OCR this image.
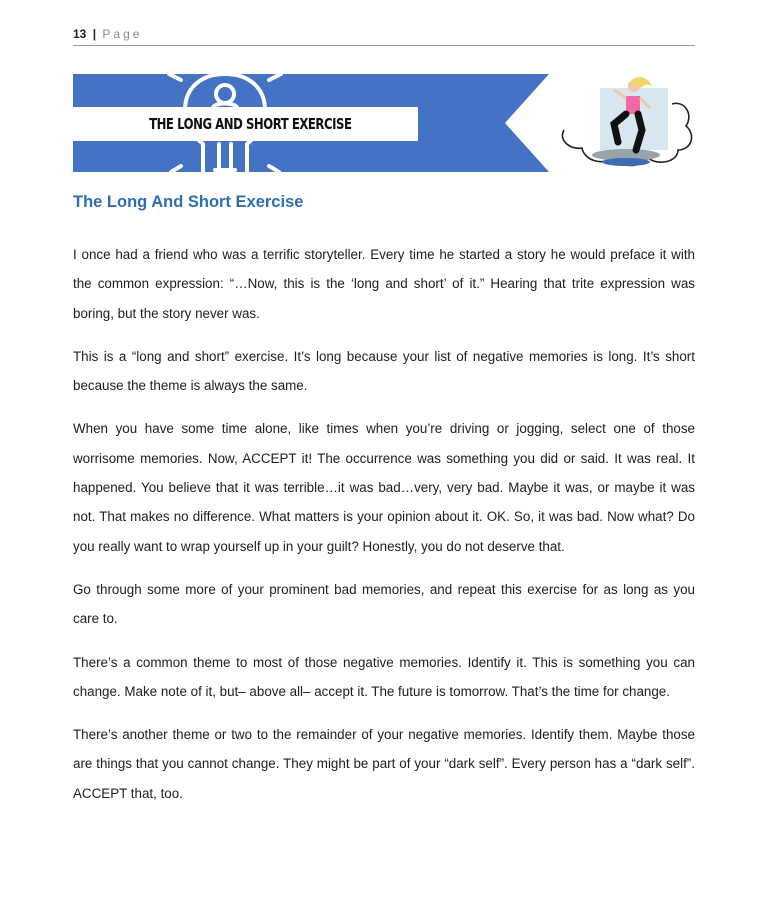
13 | Page
THE LONG AND SHORT EXERCISE
The Long And Short Exercise

I once had a friend who was a terrific storyteller. Every time he started a story he would preface it with the common expression: “…Now, this is the ‘long and short’ of it.” Hearing that trite expression was boring, but the story never was.

This is a “long and short” exercise. It’s long because your list of negative memories is long. It’s short because the theme is always the same.

When you have some time alone, like times when you’re driving or jogging, select one of those worrisome memories. Now, ACCEPT it! The occurrence was something you did or said. It was real. It happened. You believe that it was terrible…it was bad…very, very bad. Maybe it was, or maybe it was not. That makes no difference. What matters is your opinion about it. OK. So, it was bad. Now what? Do you really want to wrap yourself up in your guilt? Honestly, you do not deserve that.

Go through some more of your prominent bad memories, and repeat this exercise for as long as you care to.

There’s a common theme to most of those negative memories. Identify it. This is something you can change. Make note of it, but– above all– accept it. The future is tomorrow. That’s the time for change.

There’s another theme or two to the remainder of your negative memories. Identify them. Maybe those are things that you cannot change. They might be part of your “dark self”. Every person has a “dark self”. ACCEPT that, too.
